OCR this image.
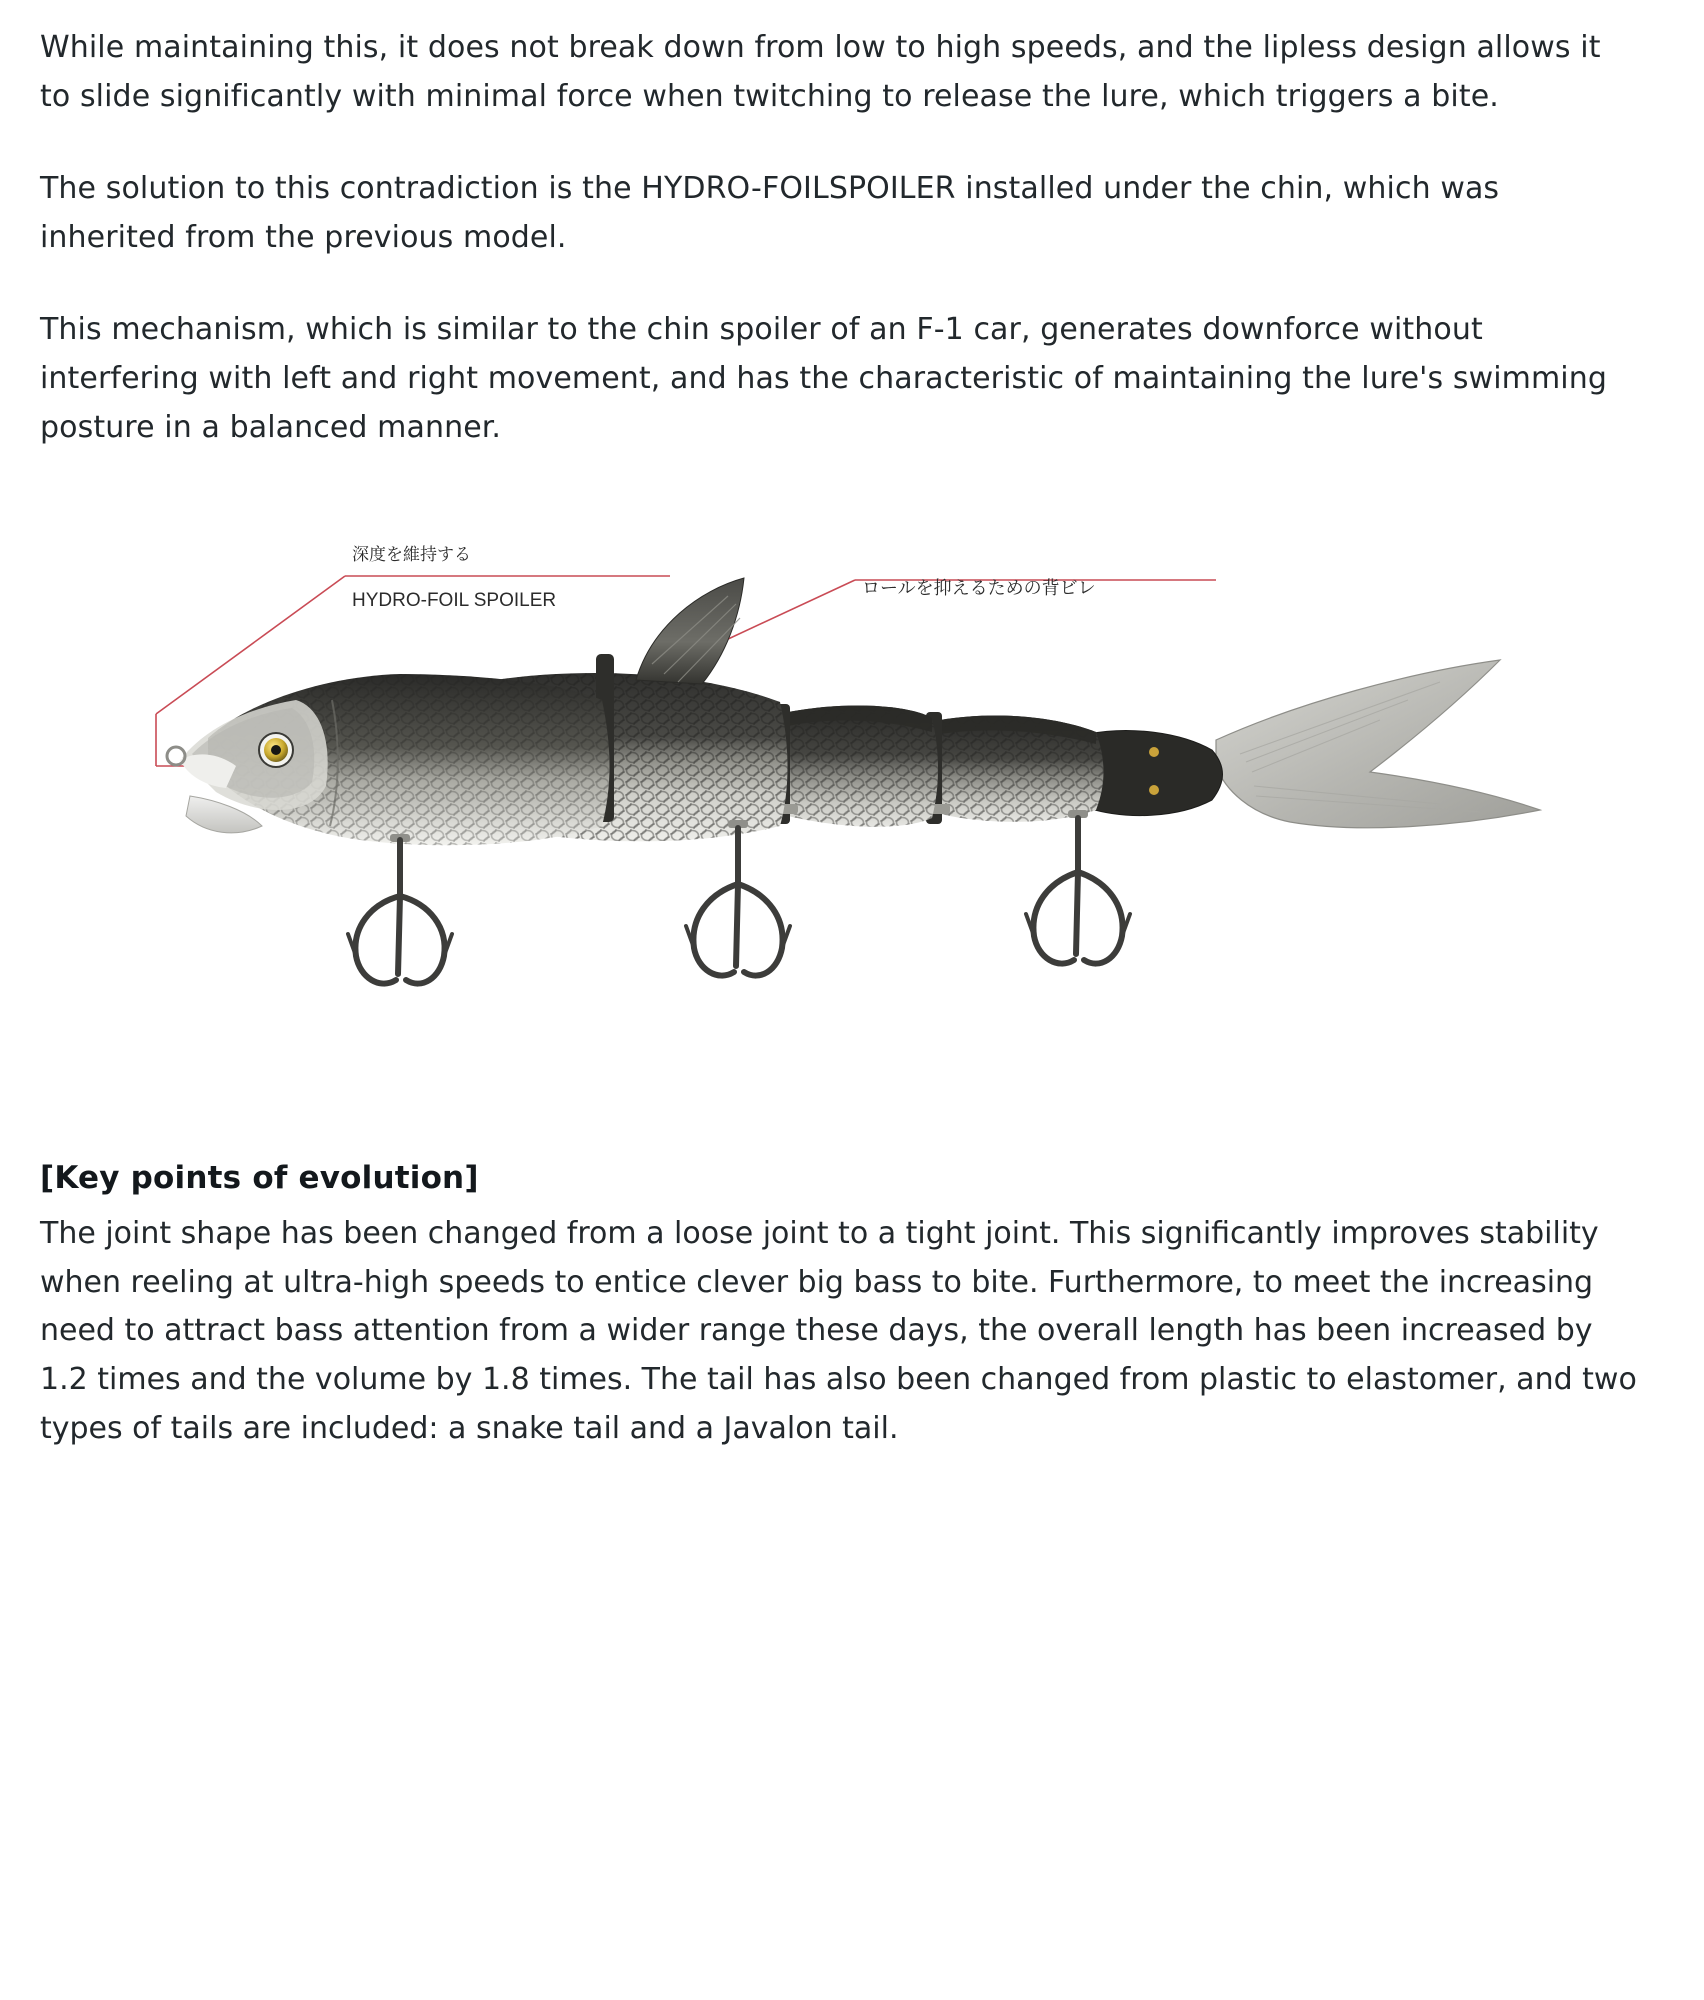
While maintaining this, it does not break down from low to high speeds, and the lipless design allows it to slide significantly with minimal force when twitching to release the lure, which triggers a bite.

The solution to this contradiction is the HYDRO-FOILSPOILER installed under the chin, which was inherited from the previous model.

This mechanism, which is similar to the chin spoiler of an F-1 car, generates downforce without interfering with left and right movement, and has the characteristic of maintaining the lure's swimming posture in a balanced manner.

深度を維持する

HYDRO-FOIL SPOILER

ロールを抑えるための背ビレ

[Key points of evolution]

The joint shape has been changed from a loose joint to a tight joint. This significantly improves stability when reeling at ultra-high speeds to entice clever big bass to bite. Furthermore, to meet the increasing need to attract bass attention from a wider range these days, the overall length has been increased by 1.2 times and the volume by 1.8 times. The tail has also been changed from plastic to elastomer, and two types of tails are included: a snake tail and a Javalon tail.
